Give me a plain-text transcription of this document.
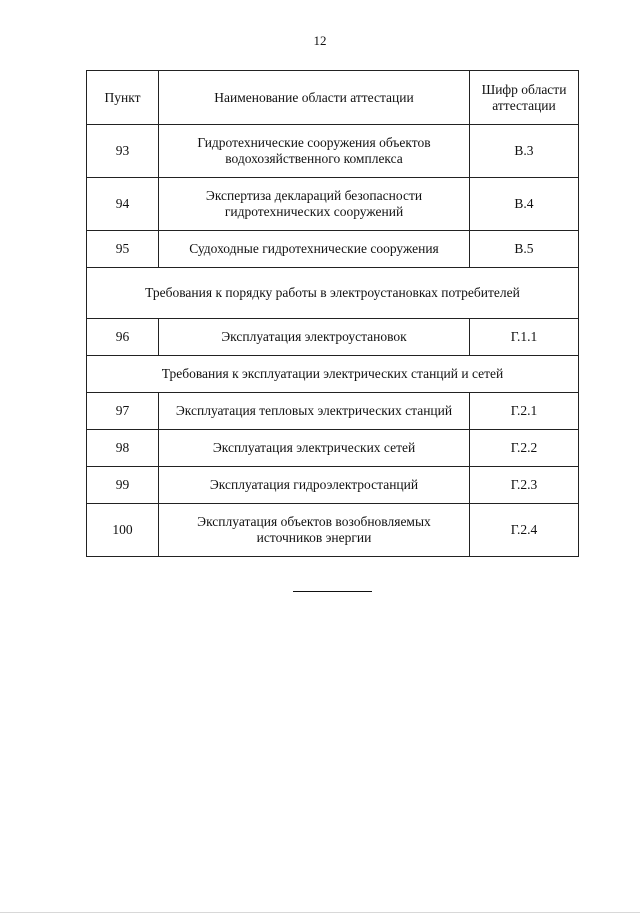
12
Пункт	Наименование области аттестации	Шифр области аттестации
93	Гидротехнические сооружения объектов водохозяйственного комплекса	В.3
94	Экспертиза деклараций безопасности гидротехнических сооружений	В.4
95	Судоходные гидротехнические сооружения	В.5
Требования к порядку работы в электроустановках потребителей		
96	Эксплуатация электроустановок	Г.1.1
Требования к эксплуатации электрических станций и сетей		
97	Эксплуатация тепловых электрических станций	Г.2.1
98	Эксплуатация электрических сетей	Г.2.2
99	Эксплуатация гидроэлектростанций	Г.2.3
100	Эксплуатация объектов возобновляемых источников энергии	Г.2.4
